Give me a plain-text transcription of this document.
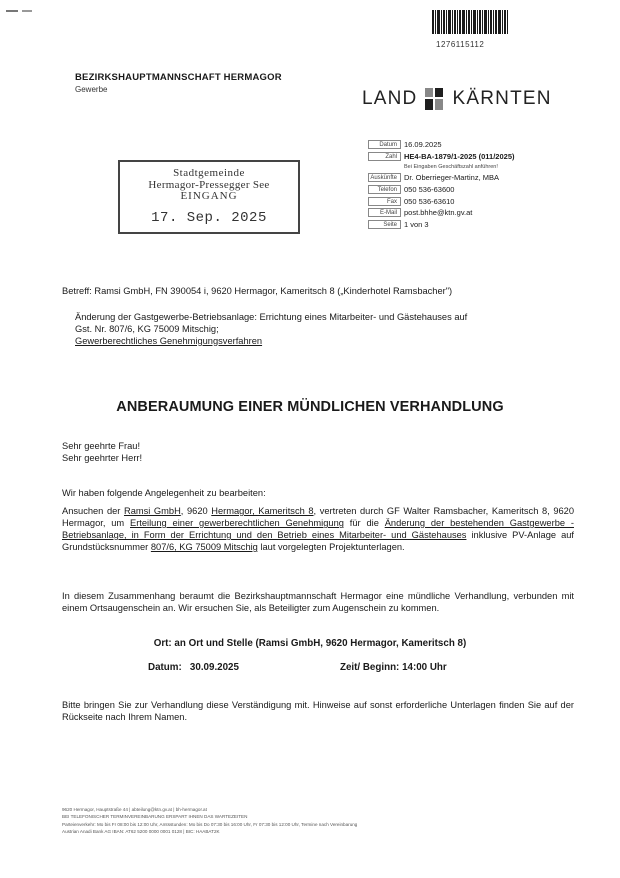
1276115112
BEZIRKSHAUPTMANNSCHAFT HERMAGOR
Gewerbe	LAND KÄRNTEN
Stadtgemeinde
Hermagor-Pressegger See
EINGANG
17. Sep. 2025
Datum 16.09.2025
Zahl HE4-BA-1879/1-2025 (011/2025)
Bei Eingaben Geschäftszahl anführen!
Auskünfte Dr. Oberrieger-Martinz, MBA
Telefon 050 536-63600
Fax 050 536-63610
E-Mail post.bhhe@ktn.gv.at
Seite 1 von 3
Betreff: Ramsi GmbH, FN 390054 i, 9620 Hermagor, Kameritsch 8 („Kinderhotel Ramsbacher")
Änderung der Gastgewerbe-Betriebsanlage: Errichtung eines Mitarbeiter- und Gästehauses auf
Gst. Nr. 807/6, KG 75009 Mitschig;
Gewerberechtliches Genehmigungsverfahren
ANBERAUMUNG EINER MÜNDLICHEN VERHANDLUNG
Sehr geehrte Frau!
Sehr geehrter Herr!
Wir haben folgende Angelegenheit zu bearbeiten:
Ansuchen der Ramsi GmbH, 9620 Hermagor, Kameritsch 8, vertreten durch GF Walter Ramsbacher, Kameritsch 8, 9620 Hermagor, um Erteilung einer gewerberechtlichen Genehmigung für die Änderung der bestehenden Gastgewerbe - Betriebsanlage, in Form der Errichtung und den Betrieb eines Mitarbeiter- und Gästehauses inklusive PV-Anlage auf Grundstücksnummer 807/6, KG 75009 Mitschig laut vorgelegten Projektunterlagen.
In diesem Zusammenhang beraumt die Bezirkshauptmannschaft Hermagor eine mündliche Verhandlung, verbunden mit einem Ortsaugenschein an. Wir ersuchen Sie, als Beteiligter zum Augenschein zu kommen.
Ort: an Ort und Stelle (Ramsi GmbH, 9620 Hermagor, Kameritsch 8)
Datum: 30.09.2025	Zeit/ Beginn: 14:00 Uhr
Bitte bringen Sie zur Verhandlung diese Verständigung mit. Hinweise auf sonst erforderliche Unterlagen finden Sie auf der Rückseite nach Ihrem Namen.
9620 Hermagor, Hauptstraße 44 | abteilung@ktn.gv.at | bh-hermagor.at
BEI TELEFONISCHER TERMINVEREINBARUNG ERSPART IHNEN DAS WARTEZEITEN
Parteienverkehr: Mo bis Fr 08:00 bis 12:00 Uhr, Amtsstunden: Mo bis Do 07:30 bis 16:00 Uhr, Fr 07:30 bis 12:00 Uhr, Termine nach Vereinbarung
Austrian Anadi Bank AG IBAN: AT62 5200 0000 0001 0128 | BIC: HAABAT2K
